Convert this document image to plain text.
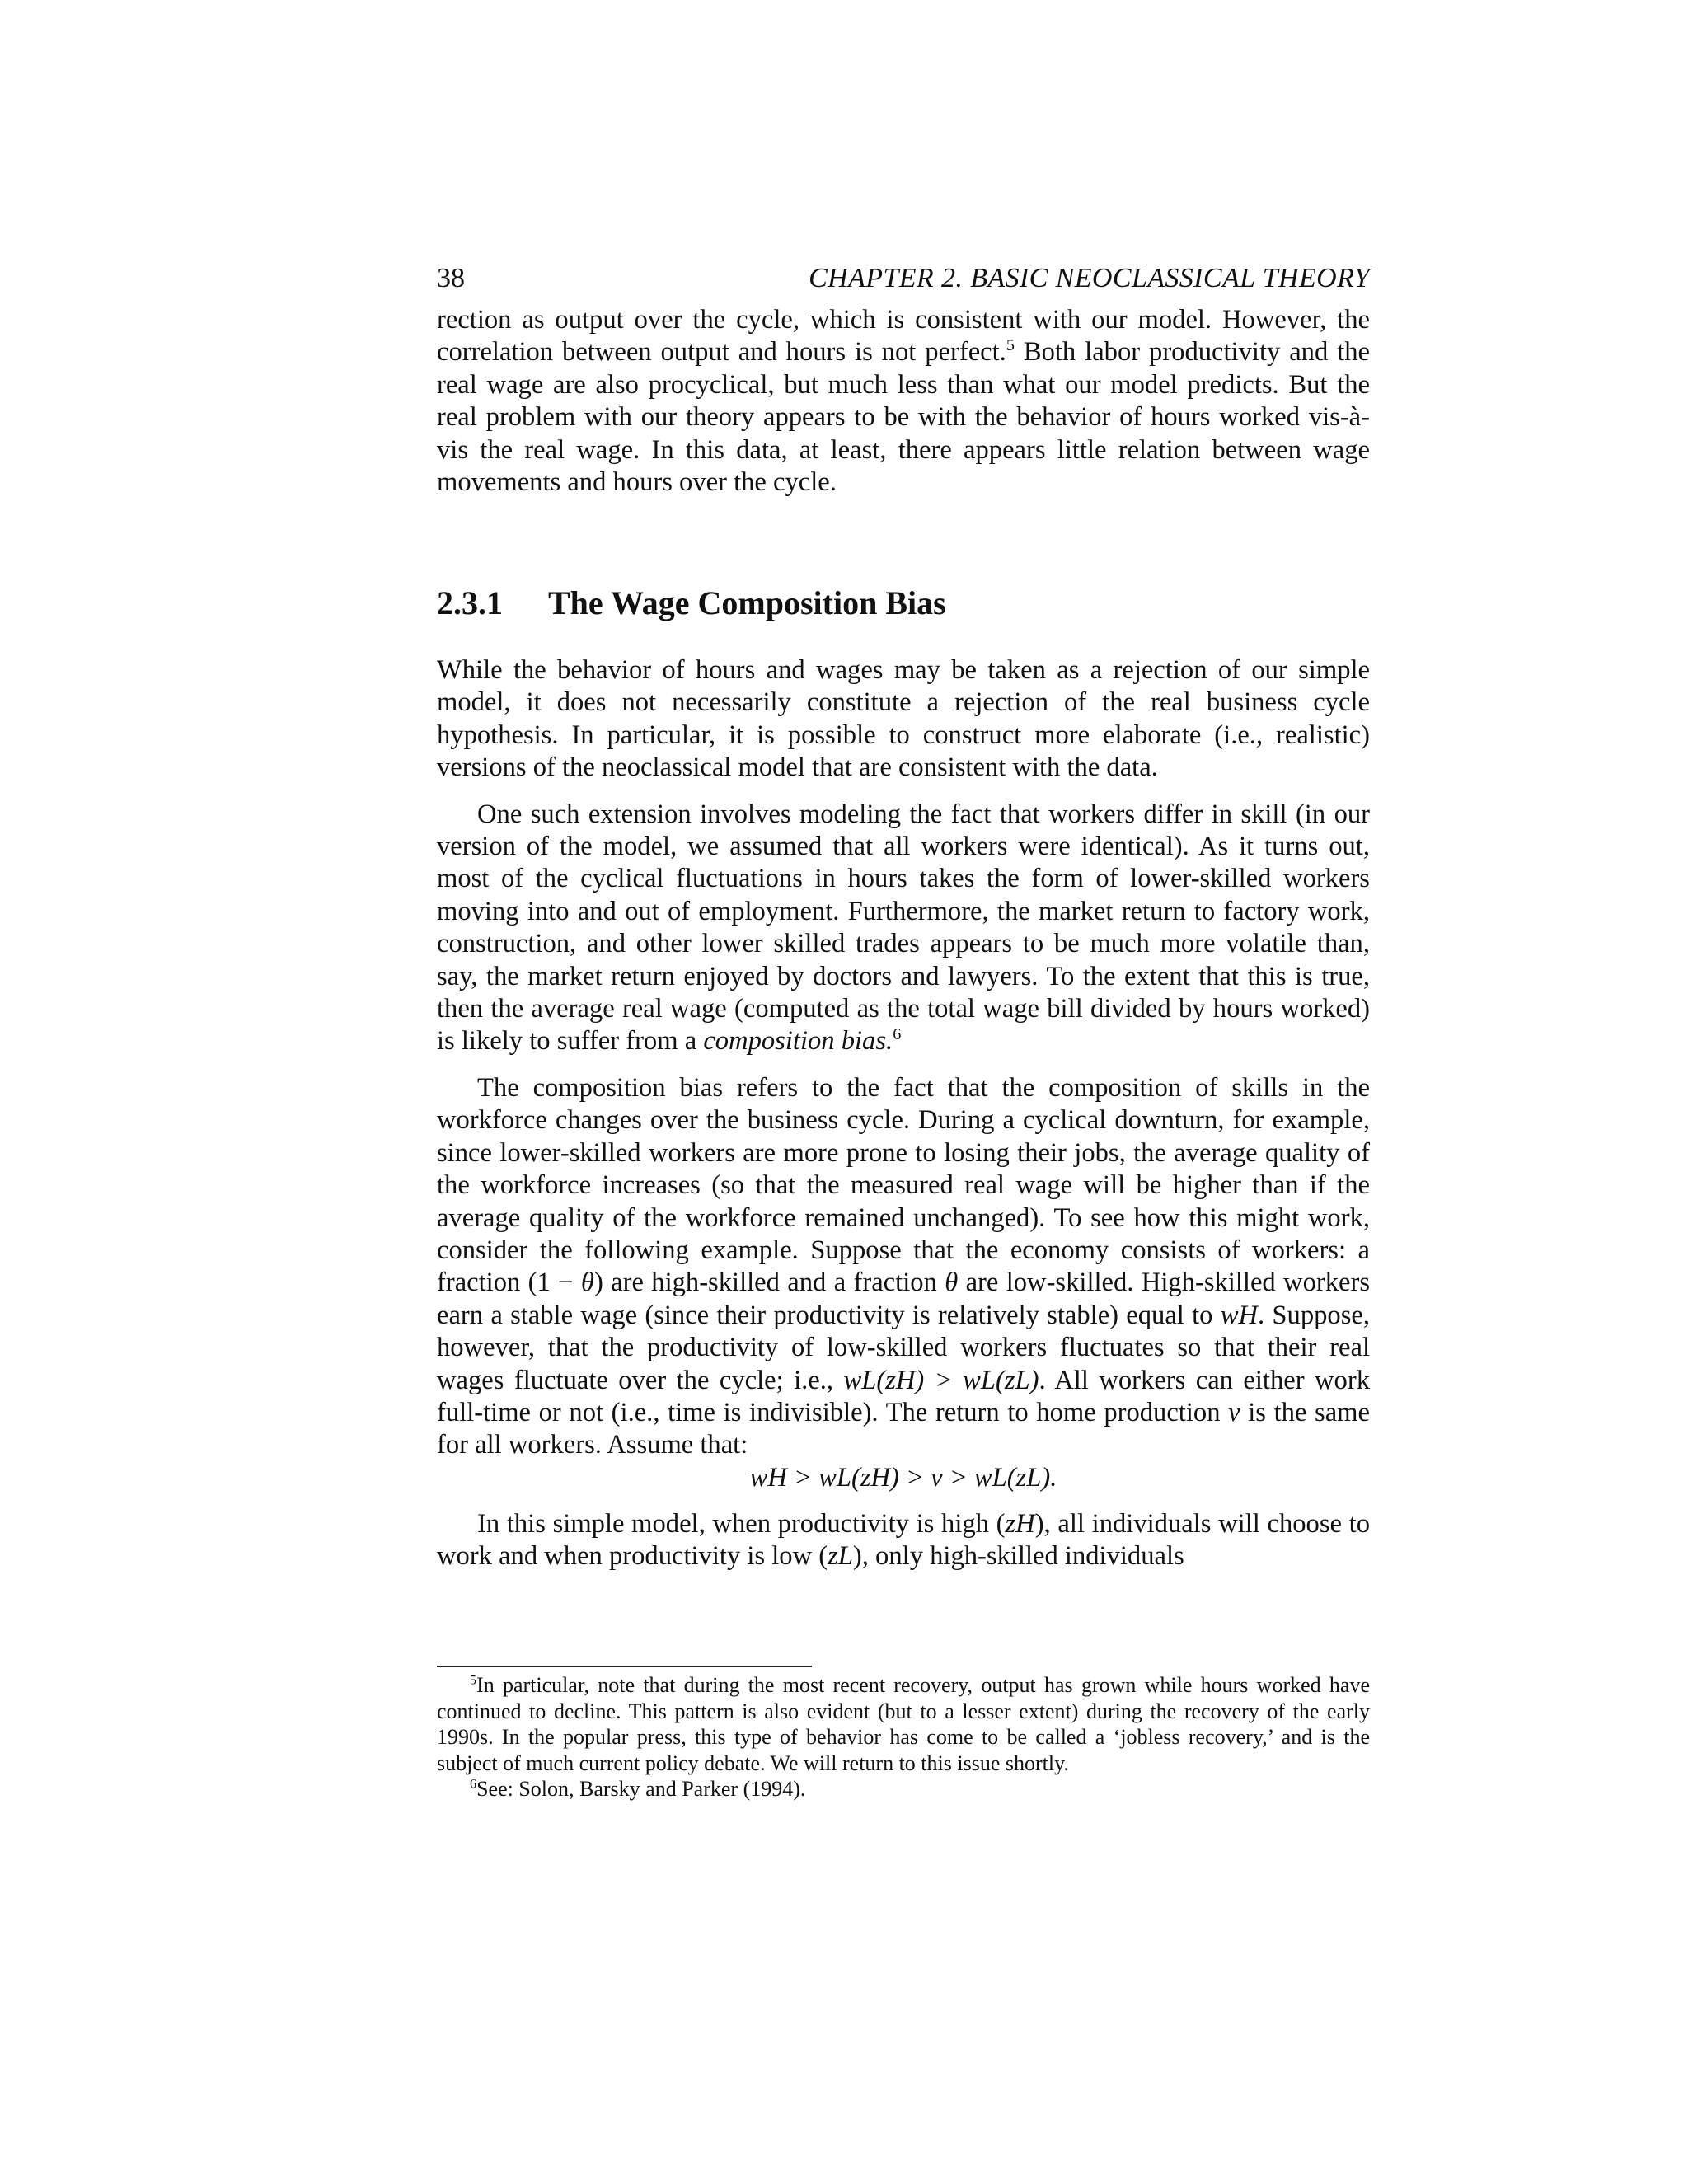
38	CHAPTER 2. BASIC NEOCLASSICAL THEORY

rection as output over the cycle, which is consistent with our model. However, the correlation between output and hours is not perfect.$^5$ Both labor productivity and the real wage are also procyclical, but much less than what our model predicts. But the real problem with our theory appears to be with the behavior of hours worked vis-à-vis the real wage. In this data, at least, there appears little relation between wage movements and hours over the cycle.

2.3.1 The Wage Composition Bias

While the behavior of hours and wages may be taken as a rejection of our simple model, it does not necessarily constitute a rejection of the real business cycle hypothesis. In particular, it is possible to construct more elaborate (i.e., realistic) versions of the neoclassical model that are consistent with the data.

One such extension involves modeling the fact that workers differ in skill (in our version of the model, we assumed that all workers were identical). As it turns out, most of the cyclical fluctuations in hours takes the form of lower-skilled workers moving into and out of employment. Furthermore, the market return to factory work, construction, and other lower skilled trades appears to be much more volatile than, say, the market return enjoyed by doctors and lawyers. To the extent that this is true, then the average real wage (computed as the total wage bill divided by hours worked) is likely to suffer from a composition bias.$^6$

The composition bias refers to the fact that the composition of skills in the workforce changes over the business cycle. During a cyclical downturn, for example, since lower-skilled workers are more prone to losing their jobs, the average quality of the workforce increases (so that the measured real wage will be higher than if the average quality of the workforce remained unchanged). To see how this might work, consider the following example. Suppose that the economy consists of workers: a fraction (1 − θ) are high-skilled and a fraction θ are low-skilled. High-skilled workers earn a stable wage (since their productivity is relatively stable) equal to wH. Suppose, however, that the productivity of low-skilled workers fluctuates so that their real wages fluctuate over the cycle; i.e., wL(zH) > wL(zL). All workers can either work full-time or not (i.e., time is indivisible). The return to home production v is the same for all workers. Assume that:

wH > wL(zH) > v > wL(zL).

In this simple model, when productivity is high (zH), all individuals will choose to work and when productivity is low (zL), only high-skilled individuals

$^5$In particular, note that during the most recent recovery, output has grown while hours worked have continued to decline. This pattern is also evident (but to a lesser extent) during the recovery of the early 1990s. In the popular press, this type of behavior has come to be called a ‘jobless recovery,’ and is the subject of much current policy debate. We will return to this issue shortly.

$^6$See: Solon, Barsky and Parker (1994).
